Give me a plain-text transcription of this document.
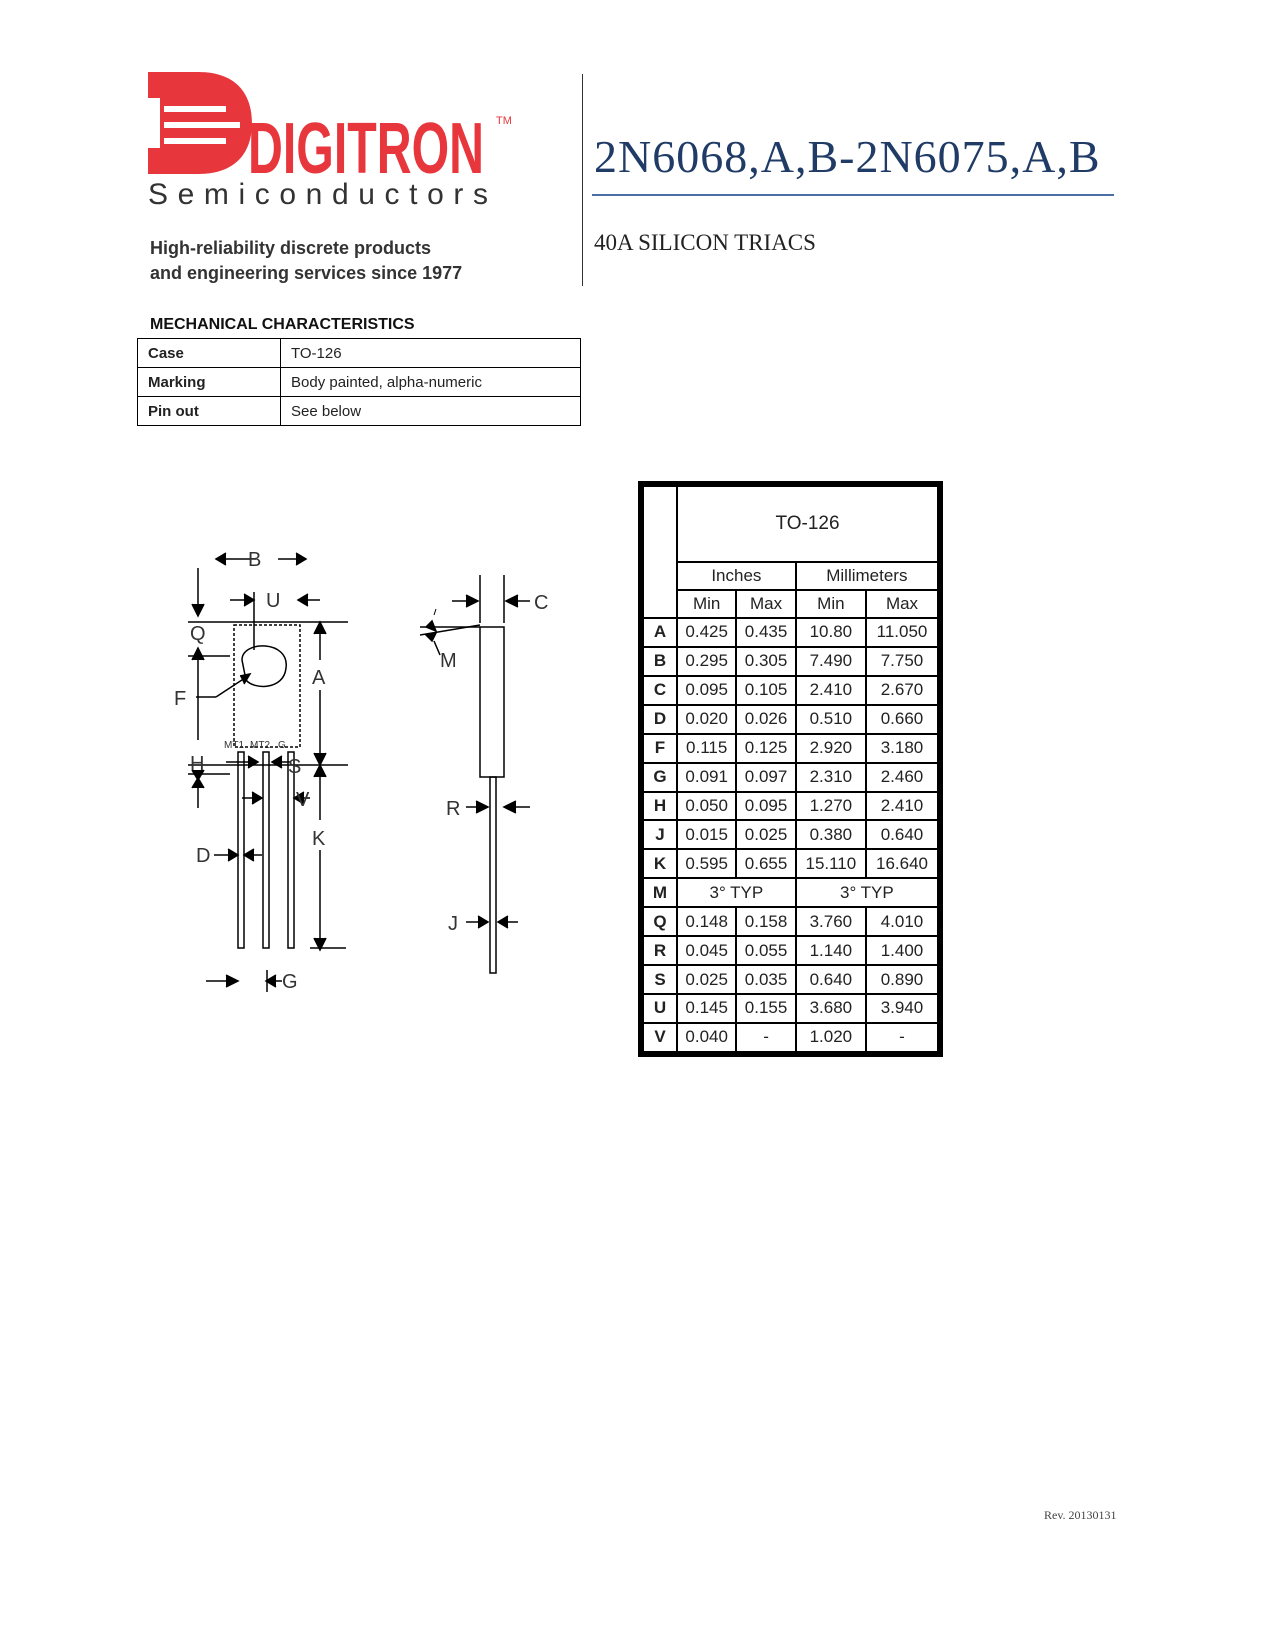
DIGITRON TM
Semiconductors
High-reliability discrete products
and engineering services since 1977
2N6068,A,B-2N6075,A,B
40A SILICON TRIACS
MECHANICAL CHARACTERISTICS
Case	TO-126
Marking	Body painted, alpha-numeric
Pin out	See below
B
U
Q
A
F
H	S
V
K
D
G
MT1 MT2 G
C
M
R
J
	TO-126			
	Inches		Millimeters	
	Min	Max	Min	Max
A	0.425	0.435	10.80	11.050
B	0.295	0.305	7.490	7.750
C	0.095	0.105	2.410	2.670
D	0.020	0.026	0.510	0.660
F	0.115	0.125	2.920	3.180
G	0.091	0.097	2.310	2.460
H	0.050	0.095	1.270	2.410
J	0.015	0.025	0.380	0.640
K	0.595	0.655	15.110	16.640
M	3° TYP		3° TYP	
Q	0.148	0.158	3.760	4.010
R	0.045	0.055	1.140	1.400
S	0.025	0.035	0.640	0.890
U	0.145	0.155	3.680	3.940
V	0.040	-	1.020	-
Rev. 20130131
